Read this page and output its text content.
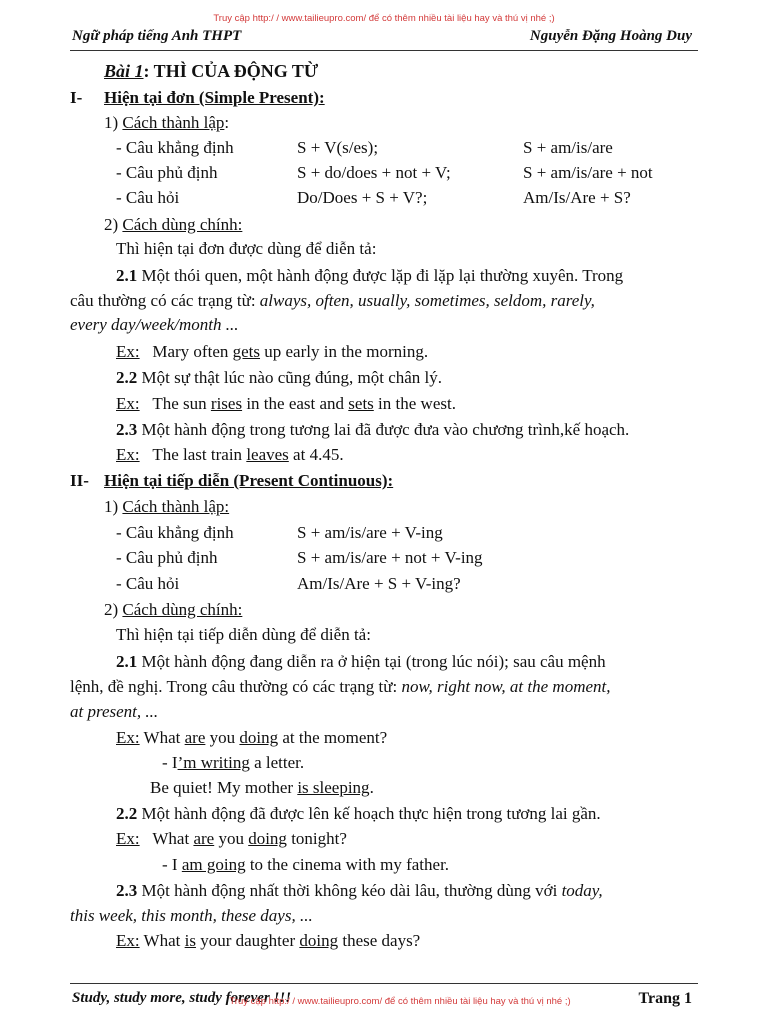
Truy cập http:/ / www.tailieupro.com/ để có thêm nhiều tài liệu hay và thú vị nhé ;)
Ngữ pháp tiếng Anh THPT	Nguyễn Đặng Hoàng Duy
Bài 1: THÌ CỦA ĐỘNG TỪ
I-	Hiện tại đơn (Simple Present):
1) Cách thành lập:
- Câu khẳng định	S + V(s/es);	S + am/is/are
- Câu phủ định	S + do/does + not + V;	S + am/is/are + not
- Câu hỏi	Do/Does + S + V?;	Am/Is/Are + S?
2) Cách dùng chính:
Thì hiện tại đơn được dùng để diễn tả:
2.1 Một thói quen, một hành động được lặp đi lặp lại thường xuyên. Trong
câu thường có các trạng từ: always, often, usually, sometimes, seldom, rarely,
every day/week/month ...
Ex: Mary often gets up early in the morning.
2.2 Một sự thật lúc nào cũng đúng, một chân lý.
Ex: The sun rises in the east and sets in the west.
2.3 Một hành động trong tương lai đã được đưa vào chương trình,kế hoạch.
Ex: The last train leaves at 4.45.
II- Hiện tại tiếp diễn (Present Continuous):
1) Cách thành lập:
- Câu khẳng định	S + am/is/are + V-ing
- Câu phủ định	S + am/is/are + not + V-ing
- Câu hỏi	Am/Is/Are + S + V-ing?
2) Cách dùng chính:
Thì hiện tại tiếp diễn dùng để diễn tả:
2.1 Một hành động đang diễn ra ở hiện tại (trong lúc nói); sau câu mệnh
lệnh, đề nghị. Trong câu thường có các trạng từ: now, right now, at the moment,
at present, ...
Ex: What are you doing at the moment?
- I’m writing a letter.
Be quiet! My mother is sleeping.
2.2 Một hành động đã được lên kế hoạch thực hiện trong tương lai gần.
Ex: What are you doing tonight?
- I am going to the cinema with my father.
2.3 Một hành động nhất thời không kéo dài lâu, thường dùng với today,
this week, this month, these days, ...
Ex: What is your daughter doing these days?
Study, study more, study forever !!!
Truy cập http:/ / www.tailieupro.com/ để có thêm nhiều tài liệu hay và thú vị nhé ;)	Trang 1
